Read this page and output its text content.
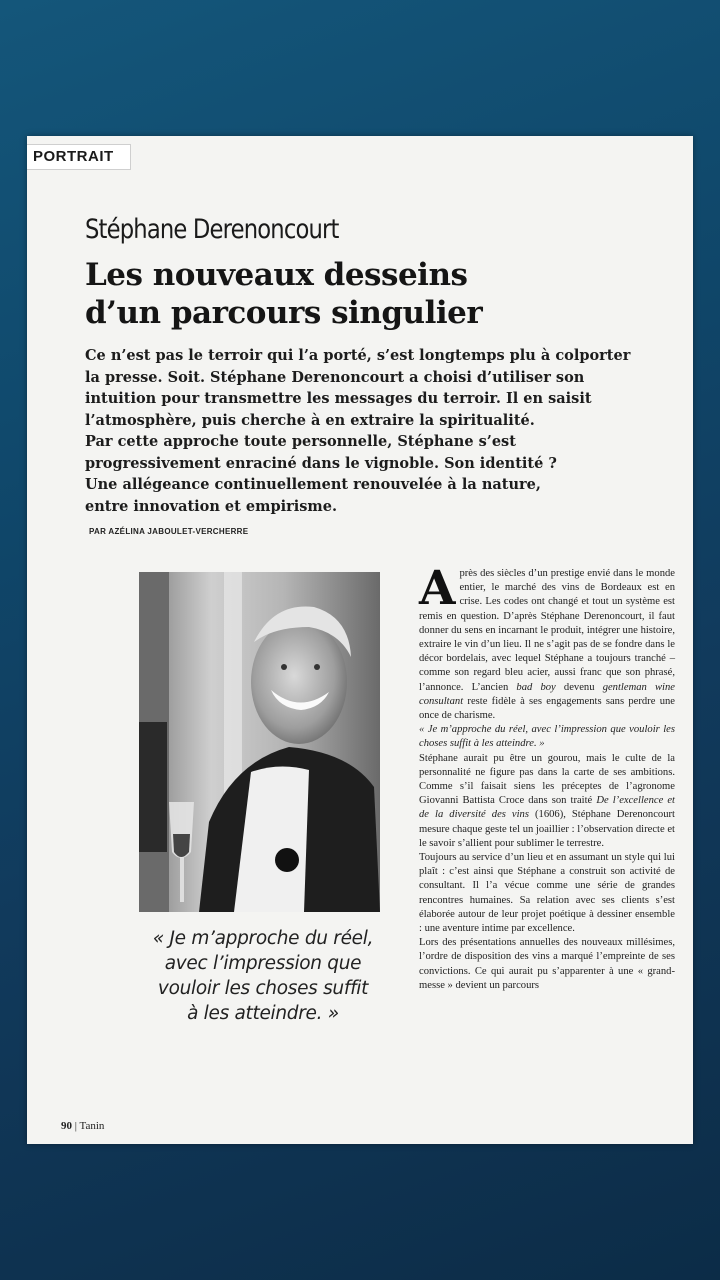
PORTRAIT
Stéphane Derenoncourt
Les nouveaux desseins
d’un parcours singulier
Ce n’est pas le terroir qui l’a porté, s’est longtemps plu à colporter
la presse. Soit. Stéphane Derenoncourt a choisi d’utiliser son
intuition pour transmettre les messages du terroir. Il en saisit
l’atmosphère, puis cherche à en extraire la spiritualité.
Par cette approche toute personnelle, Stéphane s’est
progressivement enraciné dans le vignoble. Son identité ?
Une allégeance continuellement renouvelée à la nature,
entre innovation et empirisme.
PAR AZÉLINA JABOULET-VERCHERRE
« Je m’approche du réel,
avec l’impression que
vouloir les choses suffit
à les atteindre. »

Après des siècles d’un prestige envié dans le monde entier, le marché des vins de Bordeaux est en crise. Les codes ont changé et tout un système est remis en question. D’après Stéphane Derenoncourt, il faut donner du sens en incarnant le produit, intégrer une histoire, extraire le vin d’un lieu. Il ne s’agit pas de se fondre dans le décor bordelais, avec lequel Stéphane a toujours tranché – comme son regard bleu acier, aussi franc que son phrasé, l’annonce. L’ancien bad boy devenu gentleman wine consultant reste fidèle à ses engagements sans perdre une once de charisme.

« Je m’approche du réel, avec l’impression que vouloir les choses suffit à les atteindre. »

Stéphane aurait pu être un gourou, mais le culte de la personnalité ne figure pas dans la carte de ses ambitions. Comme s’il faisait siens les préceptes de l’agronome Giovanni Battista Croce dans son traité De l’excellence et de la diversité des vins (1606), Stéphane Derenoncourt mesure chaque geste tel un joaillier : l’observation directe et le savoir s’allient pour sublimer le terrestre.

Toujours au service d’un lieu et en assumant un style qui lui plaît : c’est ainsi que Stéphane a construit son activité de consultant. Il l’a vécue comme une série de grandes rencontres humaines. Sa relation avec ses clients s’est élaborée autour de leur projet poétique à dessiner ensemble : une aventure intime par excellence.

Lors des présentations annuelles des nouveaux millésimes, l’ordre de disposition des vins a marqué l’empreinte de ses convictions. Ce qui aurait pu s’apparenter à une « grand-messe » devient un parcours

90 | Tanin
